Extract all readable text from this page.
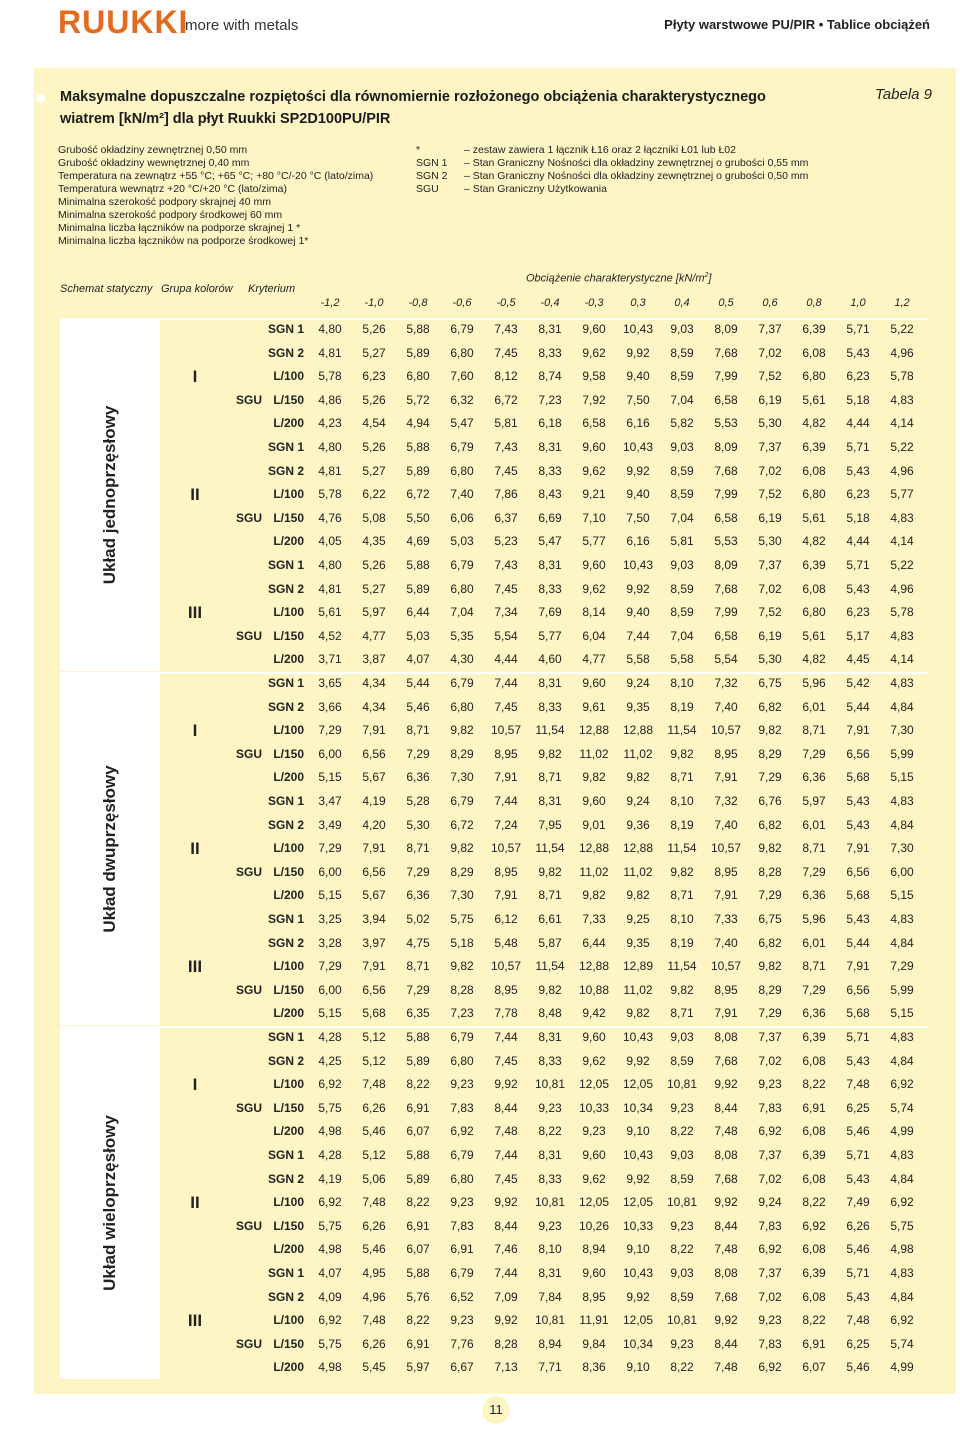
RUUKKI
more with metals	Płyty warstwowe PU/PIR • Tablice obciążeń
Maksymalne dopuszczalne rozpiętości dla równomiernie rozłożonego obciążenia charakterystycznego wiatrem [kN/m²] dla płyt Ruukki SP2D100PU/PIR
Tabela 9
Grubość okładziny zewnętrznej 0,50 mm
Grubość okładziny wewnętrznej 0,40 mm
Temperatura na zewnątrz +55 °C; +65 °C; +80 °C/-20 °C (lato/zima)
Temperatura wewnątrz +20 °C/+20 °C (lato/zima)
Minimalna szerokość podpory skrajnej 40 mm
Minimalna szerokość podpory środkowej 60 mm
Minimalna liczba łączników na podporze skrajnej 1 *
Minimalna liczba łączników na podporze środkowej 1*
*	– zestaw zawiera 1 łącznik Ł16 oraz 2 łączniki Ł01 lub Ł02
SGN 1 – Stan Graniczny Nośności dla okładziny zewnętrznej o grubości 0,55 mm
SGN 2 – Stan Graniczny Nośności dla okładziny zewnętrznej o grubości 0,50 mm
SGU – Stan Graniczny Użytkowania
Schemat statyczny Grupa kolorów Kryterium
Obciążenie charakterystyczne $[kN/m^2]$
-1,2	-1,0	-0,8	-0,6	-0,5	-0,4	-0,3	0,3	0,4	0,5	0,6	0,8	1,0	1,2
Układ jednoprzęsłowy
I
SGU
SGN 1	4,80	5,26	5,88	6,79	7,43	8,31	9,60	10,43	9,03	8,09	7,37	6,39	5,71	5,22
SGN 2	4,81	5,27	5,89	6,80	7,45	8,33	9,62	9,92	8,59	7,68	7,02	6,08	5,43	4,96
L/100	5,78	6,23	6,80	7,60	8,12	8,74	9,58	9,40	8,59	7,99	7,52	6,80	6,23	5,78
L/150	4,86	5,26	5,72	6,32	6,72	7,23	7,92	7,50	7,04	6,58	6,19	5,61	5,18	4,83
L/200	4,23	4,54	4,94	5,47	5,81	6,18	6,58	6,16	5,82	5,53	5,30	4,82	4,44	4,14
II
SGU
SGN 1	4,80	5,26	5,88	6,79	7,43	8,31	9,60	10,43	9,03	8,09	7,37	6,39	5,71	5,22
SGN 2	4,81	5,27	5,89	6,80	7,45	8,33	9,62	9,92	8,59	7,68	7,02	6,08	5,43	4,96
L/100	5,78	6,22	6,72	7,40	7,86	8,43	9,21	9,40	8,59	7,99	7,52	6,80	6,23	5,77
L/150	4,76	5,08	5,50	6,06	6,37	6,69	7,10	7,50	7,04	6,58	6,19	5,61	5,18	4,83
L/200	4,05	4,35	4,69	5,03	5,23	5,47	5,77	6,16	5,81	5,53	5,30	4,82	4,44	4,14
III
SGU
SGN 1	4,80	5,26	5,88	6,79	7,43	8,31	9,60	10,43	9,03	8,09	7,37	6,39	5,71	5,22
SGN 2	4,81	5,27	5,89	6,80	7,45	8,33	9,62	9,92	8,59	7,68	7,02	6,08	5,43	4,96
L/100	5,61	5,97	6,44	7,04	7,34	7,69	8,14	9,40	8,59	7,99	7,52	6,80	6,23	5,78
L/150	4,52	4,77	5,03	5,35	5,54	5,77	6,04	7,44	7,04	6,58	6,19	5,61	5,17	4,83
L/200	3,71	3,87	4,07	4,30	4,44	4,60	4,77	5,58	5,58	5,54	5,30	4,82	4,45	4,14
Układ dwuprzęsłowy
I
SGU
SGN 1	3,65	4,34	5,44	6,79	7,44	8,31	9,60	9,24	8,10	7,32	6,75	5,96	5,42	4,83
SGN 2	3,66	4,34	5,46	6,80	7,45	8,33	9,61	9,35	8,19	7,40	6,82	6,01	5,44	4,84
L/100	7,29	7,91	8,71	9,82	10,57	11,54	12,88	12,88	11,54	10,57	9,82	8,71	7,91	7,30
L/150	6,00	6,56	7,29	8,29	8,95	9,82	11,02	11,02	9,82	8,95	8,29	7,29	6,56	5,99
L/200	5,15	5,67	6,36	7,30	7,91	8,71	9,82	9,82	8,71	7,91	7,29	6,36	5,68	5,15
II
SGU
SGN 1	3,47	4,19	5,28	6,79	7,44	8,31	9,60	9,24	8,10	7,32	6,76	5,97	5,43	4,83
SGN 2	3,49	4,20	5,30	6,72	7,24	7,95	9,01	9,36	8,19	7,40	6,82	6,01	5,43	4,84
L/100	7,29	7,91	8,71	9,82	10,57	11,54	12,88	12,88	11,54	10,57	9,82	8,71	7,91	7,30
L/150	6,00	6,56	7,29	8,29	8,95	9,82	11,02	11,02	9,82	8,95	8,28	7,29	6,56	6,00
L/200	5,15	5,67	6,36	7,30	7,91	8,71	9,82	9,82	8,71	7,91	7,29	6,36	5,68	5,15
III
SGU
SGN 1	3,25	3,94	5,02	5,75	6,12	6,61	7,33	9,25	8,10	7,33	6,75	5,96	5,43	4,83
SGN 2	3,28	3,97	4,75	5,18	5,48	5,87	6,44	9,35	8,19	7,40	6,82	6,01	5,44	4,84
L/100	7,29	7,91	8,71	9,82	10,57	11,54	12,88	12,89	11,54	10,57	9,82	8,71	7,91	7,29
L/150	6,00	6,56	7,29	8,28	8,95	9,82	10,88	11,02	9,82	8,95	8,29	7,29	6,56	5,99
L/200	5,15	5,68	6,35	7,23	7,78	8,48	9,42	9,82	8,71	7,91	7,29	6,36	5,68	5,15
Układ wieloprzęsłowy
I
SGU
SGN 1	4,28	5,12	5,88	6,79	7,44	8,31	9,60	10,43	9,03	8,08	7,37	6,39	5,71	4,83
SGN 2	4,25	5,12	5,89	6,80	7,45	8,33	9,62	9,92	8,59	7,68	7,02	6,08	5,43	4,84
L/100	6,92	7,48	8,22	9,23	9,92	10,81	12,05	12,05	10,81	9,92	9,23	8,22	7,48	6,92
L/150	5,75	6,26	6,91	7,83	8,44	9,23	10,33	10,34	9,23	8,44	7,83	6,91	6,25	5,74
L/200	4,98	5,46	6,07	6,92	7,48	8,22	9,23	9,10	8,22	7,48	6,92	6,08	5,46	4,99
II
SGU
SGN 1	4,28	5,12	5,88	6,79	7,44	8,31	9,60	10,43	9,03	8,08	7,37	6,39	5,71	4,83
SGN 2	4,19	5,06	5,89	6,80	7,45	8,33	9,62	9,92	8,59	7,68	7,02	6,08	5,43	4,84
L/100	6,92	7,48	8,22	9,23	9,92	10,81	12,05	12,05	10,81	9,92	9,24	8,22	7,49	6,92
L/150	5,75	6,26	6,91	7,83	8,44	9,23	10,26	10,33	9,23	8,44	7,83	6,92	6,26	5,75
L/200	4,98	5,46	6,07	6,91	7,46	8,10	8,94	9,10	8,22	7,48	6,92	6,08	5,46	4,98
III
SGU
SGN 1	4,07	4,95	5,88	6,79	7,44	8,31	9,60	10,43	9,03	8,08	7,37	6,39	5,71	4,83
SGN 2	4,09	4,96	5,76	6,52	7,09	7,84	8,95	9,92	8,59	7,68	7,02	6,08	5,43	4,84
L/100	6,92	7,48	8,22	9,23	9,92	10,81	11,91	12,05	10,81	9,92	9,23	8,22	7,48	6,92
L/150	5,75	6,26	6,91	7,76	8,28	8,94	9,84	10,34	9,23	8,44	7,83	6,91	6,25	5,74
L/200	4,98	5,45	5,97	6,67	7,13	7,71	8,36	9,10	8,22	7,48	6,92	6,07	5,46	4,99
11
